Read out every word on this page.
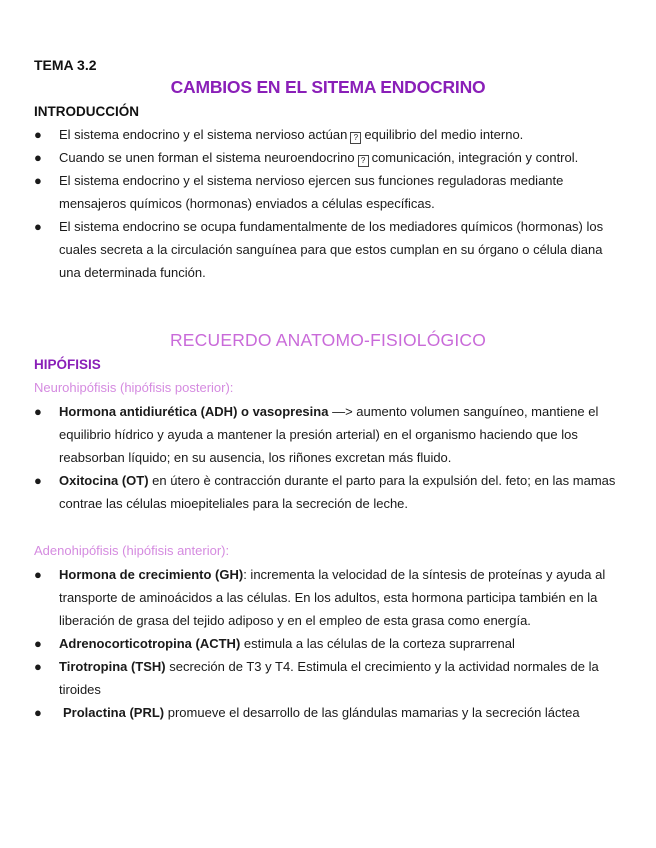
TEMA 3.2
CAMBIOS EN EL SITEMA ENDOCRINO
INTRODUCCIÓN
● El sistema endocrino y el sistema nervioso actúan ? equilibrio del medio interno.
● Cuando se unen forman el sistema neuroendocrino ? comunicación, integración y control.
● El sistema endocrino y el sistema nervioso ejercen sus funciones reguladoras mediante mensajeros químicos (hormonas) enviados a células específicas.
● El sistema endocrino se ocupa fundamentalmente de los mediadores químicos (hormonas) los cuales secreta a la circulación sanguínea para que estos cumplan en su órgano o célula diana una determinada función.
RECUERDO ANATOMO-FISIOLÓGICO
HIPÓFISIS
Neurohipófisis (hipófisis posterior):
● Hormona antidiurética (ADH) o vasopresina —> aumento volumen sanguíneo, mantiene el equilibrio hídrico y ayuda a mantener la presión arterial) en el organismo haciendo que los reabsorban líquido; en su ausencia, los riñones excretan más fluido.
● Oxitocina (OT) en útero è contracción durante el parto para la expulsión del. feto; en las mamas contrae las células mioepiteliales para la secreción de leche.
Adenohipófisis (hipófisis anterior):
● Hormona de crecimiento (GH): incrementa la velocidad de la síntesis de proteínas y ayuda al transporte de aminoácidos a las células. En los adultos, esta hormona participa también en la liberación de grasa del tejido adiposo y en el empleo de esta grasa como energía.
● Adrenocorticotropina (ACTH) estimula a las células de la corteza suprarrenal
● Tirotropina (TSH) secreción de T3 y T4. Estimula el crecimiento y la actividad normales de la tiroides
● Prolactina (PRL) promueve el desarrollo de las glándulas mamarias y la secreción láctea
